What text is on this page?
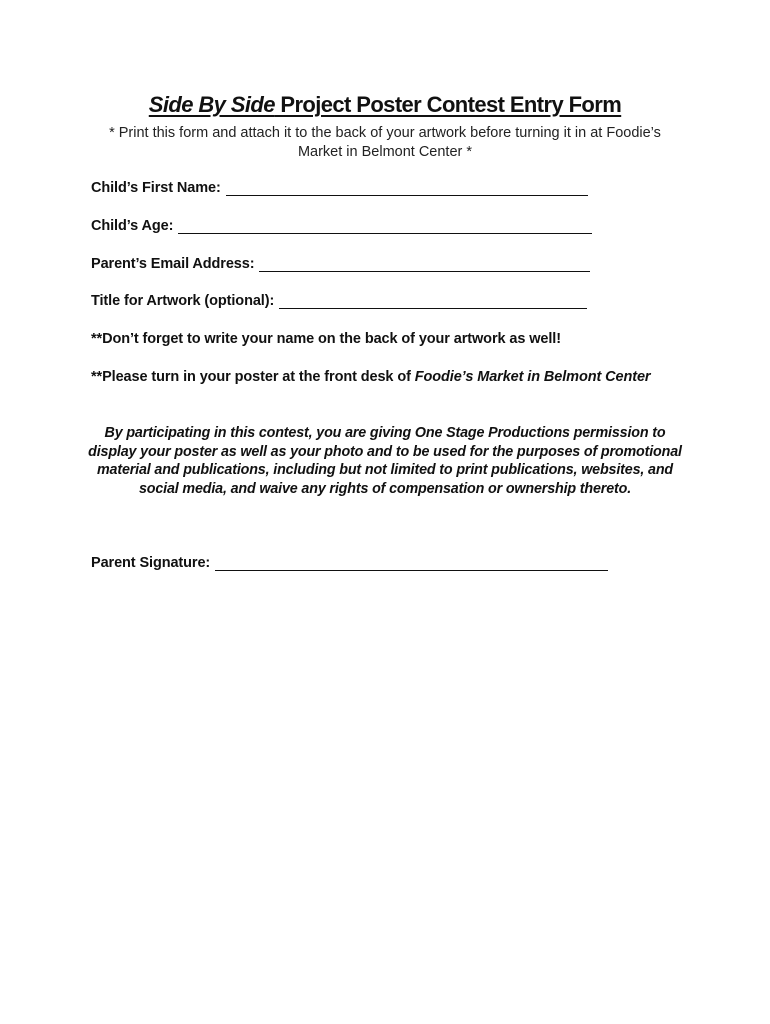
Side By Side Project Poster Contest Entry Form
* Print this form and attach it to the back of your artwork before turning it in at Foodie’s Market in Belmont Center *
Child’s First Name:
Child’s Age:
Parent’s Email Address:
Title for Artwork (optional):
**Don’t forget to write your name on the back of your artwork as well!
**Please turn in your poster at the front desk of Foodie’s Market in Belmont Center
By participating in this contest, you are giving One Stage Productions permission to display your poster as well as your photo and to be used for the purposes of promotional material and publications, including but not limited to print publications, websites, and social media, and waive any rights of compensation or ownership thereto.
Parent Signature:
